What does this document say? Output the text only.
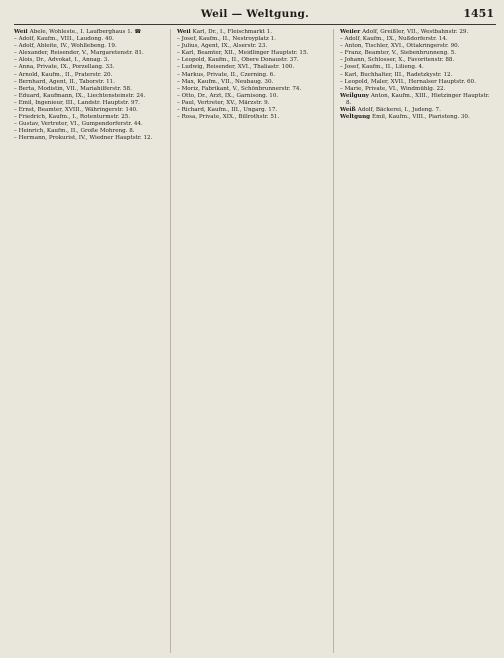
Weil — Weltgung.	1451
Weil Abele, Wohleste., I. Laufberghaus 1. ☎
– Adolf, Kaufm., VIII., Laudong. 40.
– Adolf, Ableite, IV., Wohllebeng. 19.
– Alexander, Reisender, V., Margaretenstr. 81.
– Alois, Dr., Advokat, I., Annag. 3.
– Anna, Private, IX., Porzellang. 33.
– Arnold, Kaufm., II., Praterstr. 20.
– Bernhard, Agent, II., Taborstr. 11.
– Berta, Modistin, VII., Mariahilferstr. 58.
– Eduard, Kaufmann, IX., Liechtensteinstr. 24.
– Emil, Ingenieur, III., Landstr. Hauptstr. 97.
– Ernst, Beamter, XVIII., Währingerstr. 140.
– Friedrich, Kaufm., I., Rotenturmstr. 25.
– Gustav, Vertreter, VI., Gumpendorferstr. 44.
– Heinrich, Kaufm., II., Große Mohreng. 8.
– Hermann, Prokurist, IV., Wiedner Hauptstr. 12.
Weil Karl, Dr., I., Fleischmarkt 1.
– Josef, Kaufm., II., Nestroyplatz 1.
– Julius, Agent, IX., Alserstr. 23.
– Karl, Beamter, XII., Meidlinger Hauptstr. 15.
– Leopold, Kaufm., II., Obere Donaustr. 37.
– Ludwig, Reisender, XVI., Thaliastr. 100.
– Markus, Private, II., Czerning. 6.
– Max, Kaufm., VII., Neubaug. 30.
– Moriz, Fabrikant, V., Schönbrunnerstr. 74.
– Otto, Dr., Arzt, IX., Garnisong. 10.
– Paul, Vertreter, XV., Märzstr. 9.
– Richard, Kaufm., III., Ungarg. 17.
– Rosa, Private, XIX., Billrothstr. 51.
Weiler Adolf, Greißler, VII., Westbahnstr. 29.
– Adolf, Kaufm., IX., Nußdorferstr. 14.
– Anton, Tischler, XVI., Ottakringerstr. 90.
– Franz, Beamter, V., Siebenbrunneng. 5.
– Johann, Schlosser, X., Favoritenstr. 88.
– Josef, Kaufm., II., Lilieng. 4.
– Karl, Buchhalter, III., Radetzkystr. 12.
– Leopold, Maler, XVII., Hernalser Hauptstr. 60.
– Marie, Private, VI., Windmühlg. 22.
Weilguny Anton, Kaufm., XIII., Hietzinger Hauptstr. 8.
Weiß Adolf, Bäckerei, I., Judeng. 7.
Weltgung Emil, Kaufm., VIII., Piaristeng. 30.
